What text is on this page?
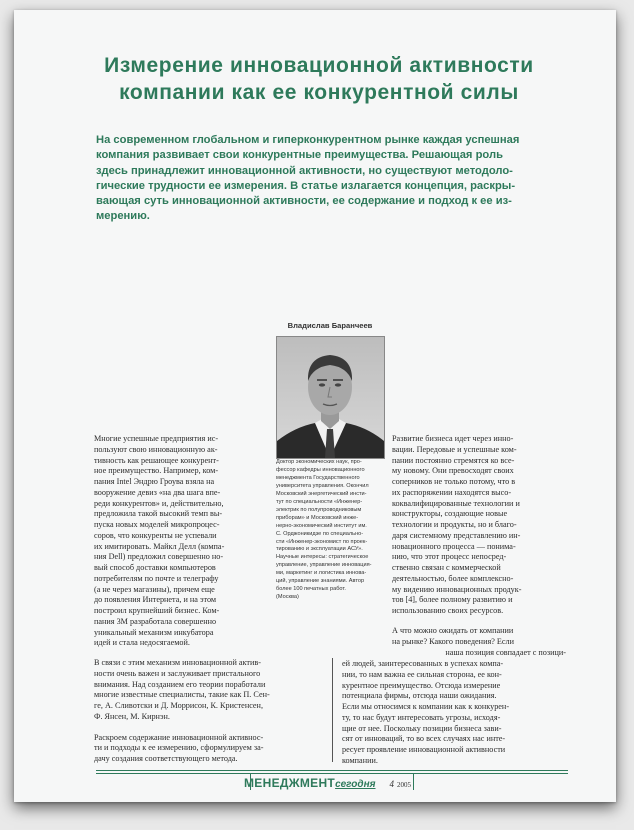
Измерение инновационной активности
компании как ее конкурентной силы
На современном глобальном и гиперконкурентном рынке каждая успешная
компания развивает свои конкурентные преимущества. Решающая роль
здесь принадлежит инновационной активности, но существуют методоло-
гические трудности ее измерения. В статье излагается концепция, раскры-
вающая суть инновационной активности, ее содержание и подход к ее из-
мерению.
Владислав Баранчеев
Доктор экономических наук, про-
фессор кафедры инновационного
менеджмента Государственного
университета управления. Окончил
Московский энергетический инсти-
тут по специальности «Инженер-
электрик по полупроводниковым
приборам» и Московский инже-
нерно-экономический институт им.
С. Орджоникидзе по специально-
сти «Инженер-экономист по проек-
тированию и эксплуатации АСУ».
Научные интересы: стратегическое
управление, управление инновация-
ми, маркетинг и логистика иннова-
ций, управление знаниями. Автор
более 100 печатных работ.
(Москва)
Многие успешные предприятия ис-
пользуют свою инновационную ак-
тивность как решающее конкурент-
ное преимущество. Например, ком-
пания Intel Эндрю Гроува взяла на
вооружение девиз «на два шага впе-
реди конкурентов» и, действительно,
предложила такой высокий темп вы-
пуска новых моделей микропроцес-
соров, что конкуренты не успевали
их имитировать. Майкл Делл (компа-
ния Dell) предложил совершенно но-
вый способ доставки компьютеров
потребителям по почте и телеграфу
(а не через магазины), причем еще
до появления Интернета, и на этом
построил крупнейший бизнес. Ком-
пания 3М разработала совершенно
уникальный механизм инкубатора
идей и стала недосягаемой.
Развитие бизнеса идет через инно-
вации. Передовые и успешные ком-
пании постоянно стремятся ко все-
му новому. Они превосходят своих
соперников не только потому, что в
их распоряжении находятся высо-
коквалифицированные технологии и
конструкторы, создающие новые
технологии и продукты, но и благо-
даря системному представлению ин-
новационного процесса — понима-
нию, что этот процесс непосред-
ственно связан с коммерческой
деятельностью, более комплексно-
му видению инновационных продук-
тов [4], более полному развитию и
использованию своих ресурсов.
А что можно ожидать от компании
на рынке? Какого поведения? Если
наша позиция совпадает с позици-
В связи с этим механизм инновационной актив-
ности очень важен и заслуживает пристального
внимания. Над созданием его теории поработали
многие известные специалисты, такие как П. Сен-
ге, А. Сливотски и Д. Моррисон, К. Кристенсен,
Ф. Янсен, М. Кирнэн.
Раскроем содержание инновационной активнос-
ти и подходы к ее измерению, сформулируем за-
дачу создания соответствующего метода.
ей людей, заинтересованных в успехах компа-
нии, то нам важна ее сильная сторона, ее кон-
курентное преимущество. Отсюда измерение
потенциала фирмы, отсюда наши ожидания.
Если мы относимся к компании как к конкурен-
ту, то нас будут интересовать угрозы, исходя-
щие от нее. Поскольку позиции бизнеса зави-
сят от инноваций, то во всех случаях нас инте-
ресует проявление инновационной активности
компании.
МЕНЕДЖМЕНТсегодня 4 2005
